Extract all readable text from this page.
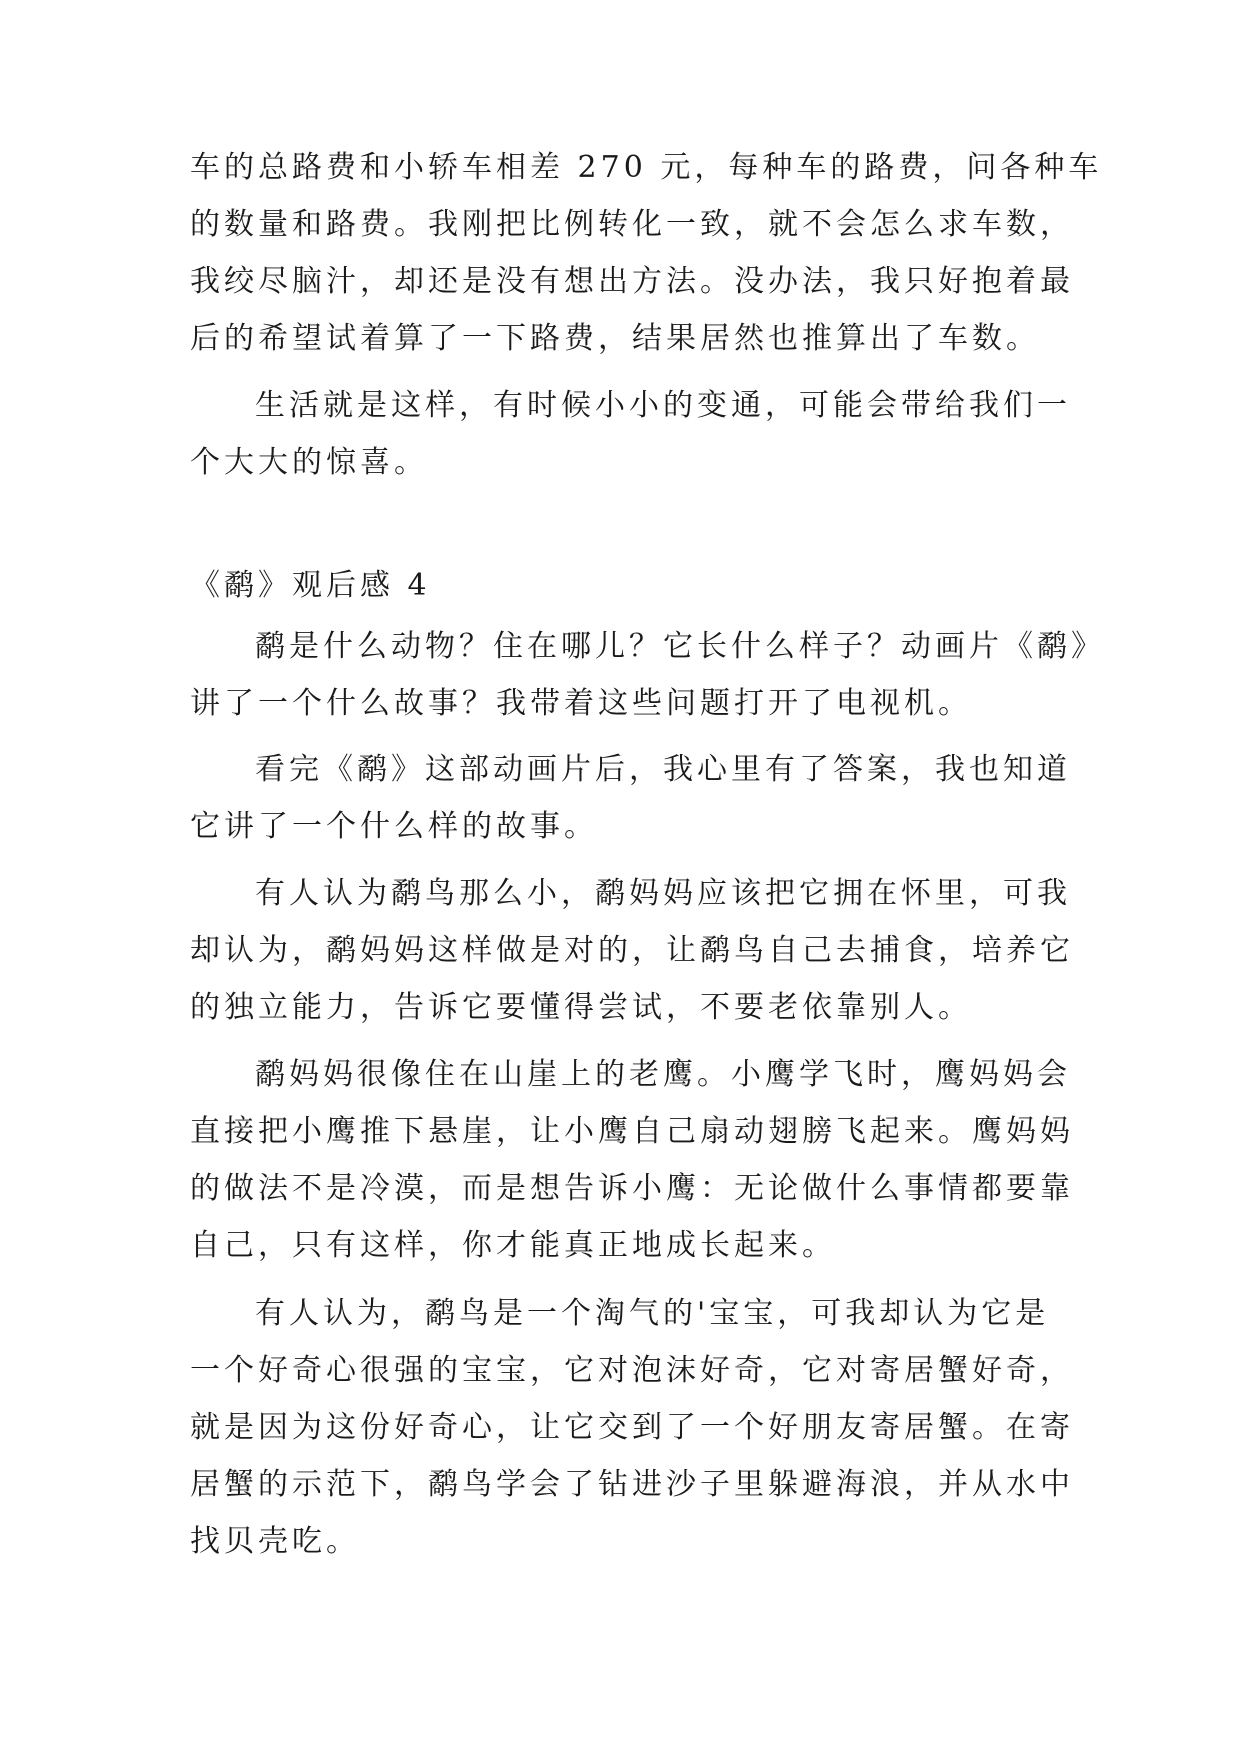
车的总路费和小轿车相差 270 元，每种车的路费，问各种车
的数量和路费。我刚把比例转化一致，就不会怎么求车数，
我绞尽脑汁，却还是没有想出方法。没办法，我只好抱着最
后的希望试着算了一下路费，结果居然也推算出了车数。
生活就是这样，有时候小小的变通，可能会带给我们一
个大大的惊喜。
《鹬》观后感 4
鹬是什么动物？住在哪儿？它长什么样子？动画片《鹬》
讲了一个什么故事？我带着这些问题打开了电视机。
看完《鹬》这部动画片后，我心里有了答案，我也知道
它讲了一个什么样的故事。
有人认为鹬鸟那么小，鹬妈妈应该把它拥在怀里，可我
却认为，鹬妈妈这样做是对的，让鹬鸟自己去捕食，培养它
的独立能力，告诉它要懂得尝试，不要老依靠别人。
鹬妈妈很像住在山崖上的老鹰。小鹰学飞时，鹰妈妈会
直接把小鹰推下悬崖，让小鹰自己扇动翅膀飞起来。鹰妈妈
的做法不是冷漠，而是想告诉小鹰：无论做什么事情都要靠
自己，只有这样，你才能真正地成长起来。
有人认为，鹬鸟是一个淘气的'宝宝，可我却认为它是
一个好奇心很强的宝宝，它对泡沫好奇，它对寄居蟹好奇，
就是因为这份好奇心，让它交到了一个好朋友寄居蟹。在寄
居蟹的示范下，鹬鸟学会了钻进沙子里躲避海浪，并从水中
找贝壳吃。
